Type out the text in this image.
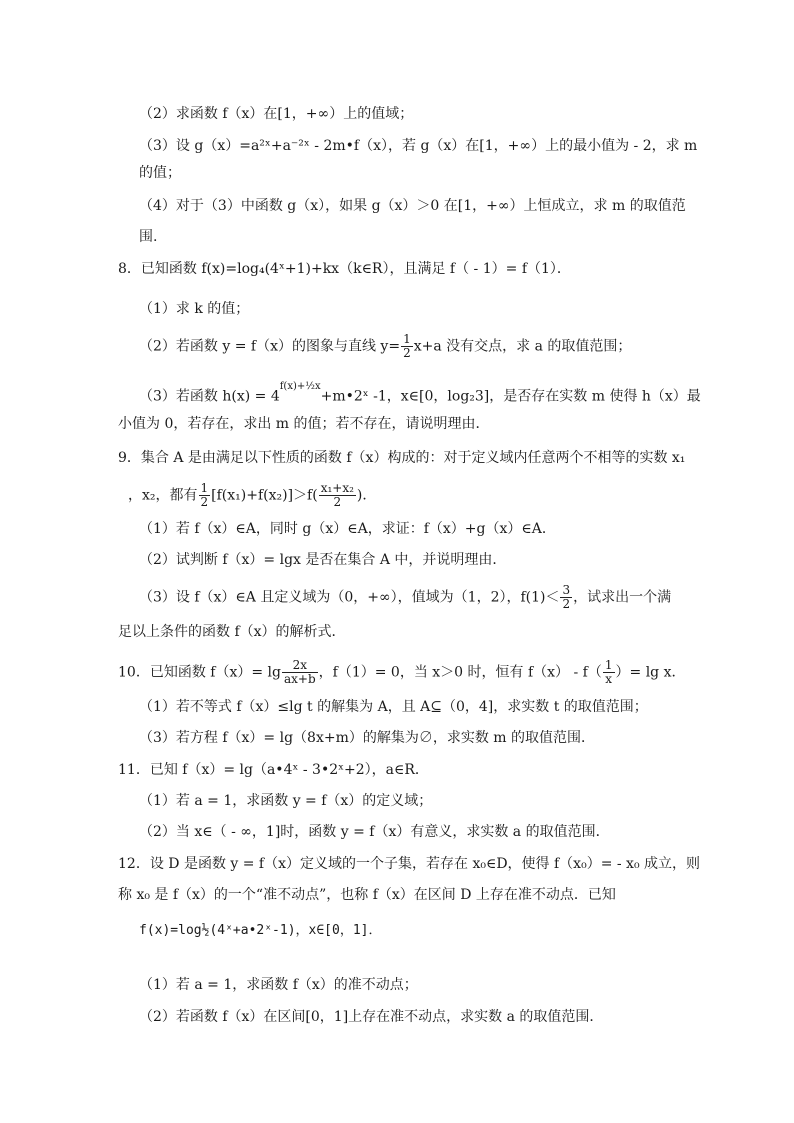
（2）求函数 f（x）在[1，+∞）上的值域；
（3）设 g（x）=a²ˣ+a⁻²ˣ - 2m•f（x），若 g（x）在[1，+∞）上的最小值为 - 2，求 m
的值；
（4）对于（3）中函数 g（x），如果 g（x）＞0 在[1，+∞）上恒成立，求 m 的取值范
围.
8．已知函数 f(x)=log₄(4ˣ+1)+kx（k∈R），且满足 f（ - 1）= f（1）．
（1）求 k 的值；
（2）若函数 y = f（x）的图象与直线 $y= \frac{1}{2} x+a$ 没有交点，求 a 的取值范围；
（3）若函数 $h(x) = 4^{f(x)+\frac{1}{2}x}+m•2ˣ$ -1，x∈[0，log₂3]，是否存在实数 m 使得 h（x）最
小值为 0，若存在，求出 m 的值；若不存在，请说明理由．
9．集合 A 是由满足以下性质的函数 f（x）构成的：对于定义域内任意两个不相等的实数 x₁
，x₂，都有 $\frac{1}{2} [f(x_1)+f(x_2)]>f( \frac{\text{x₁+x₂}}{2}$ )．
（1）若 f（x）∈A，同时 g（x）∈A，求证：f（x）+g（x）∈A．
（2）试判断 f（x）= lgx 是否在集合 A 中，并说明理由．
（3）设 f（x）∈A 且定义域为（0，+∞），值域为（1，2），$f(1)< \frac{3}{2}$ ，试求出一个满
足以上条件的函数 f（x）的解析式．
10．已知函数 $f(x)= \lg \frac{2x}{ax+b}$ ，f（1）= 0，当 x＞0 时，恒有 $f(x) - f( \frac{1}{x}$ ）= lg x．
（1）若不等式 f（x）≤lg t 的解集为 A，且 A⊆（0，4]，求实数 t 的取值范围；
（3）若方程 f（x）= lg（8x+m）的解集为∅，求实数 m 的取值范围．
11．已知 f（x）= lg（a•4ˣ - 3•2ˣ+2），a∈R．
（1）若 a = 1，求函数 y = f（x）的定义域；
（2）当 x∈（ - ∞，1]时，函数 y = f（x）有意义，求实数 a 的取值范围．
12．设 D 是函数 y = f（x）定义域的一个子集，若存在 x₀∈D，使得 f（x₀）= - x₀ 成立，则
称 x₀ 是 f（x）的一个“准不动点”，也称 f（x）在区间 D 上存在准不动点．已知
f(x)=log½(4ˣ+a•2ˣ-1)，x∈[0，1]．
（1）若 a = 1，求函数 f（x）的准不动点；
（2）若函数 f（x）在区间[0，1]上存在准不动点，求实数 a 的取值范围．
